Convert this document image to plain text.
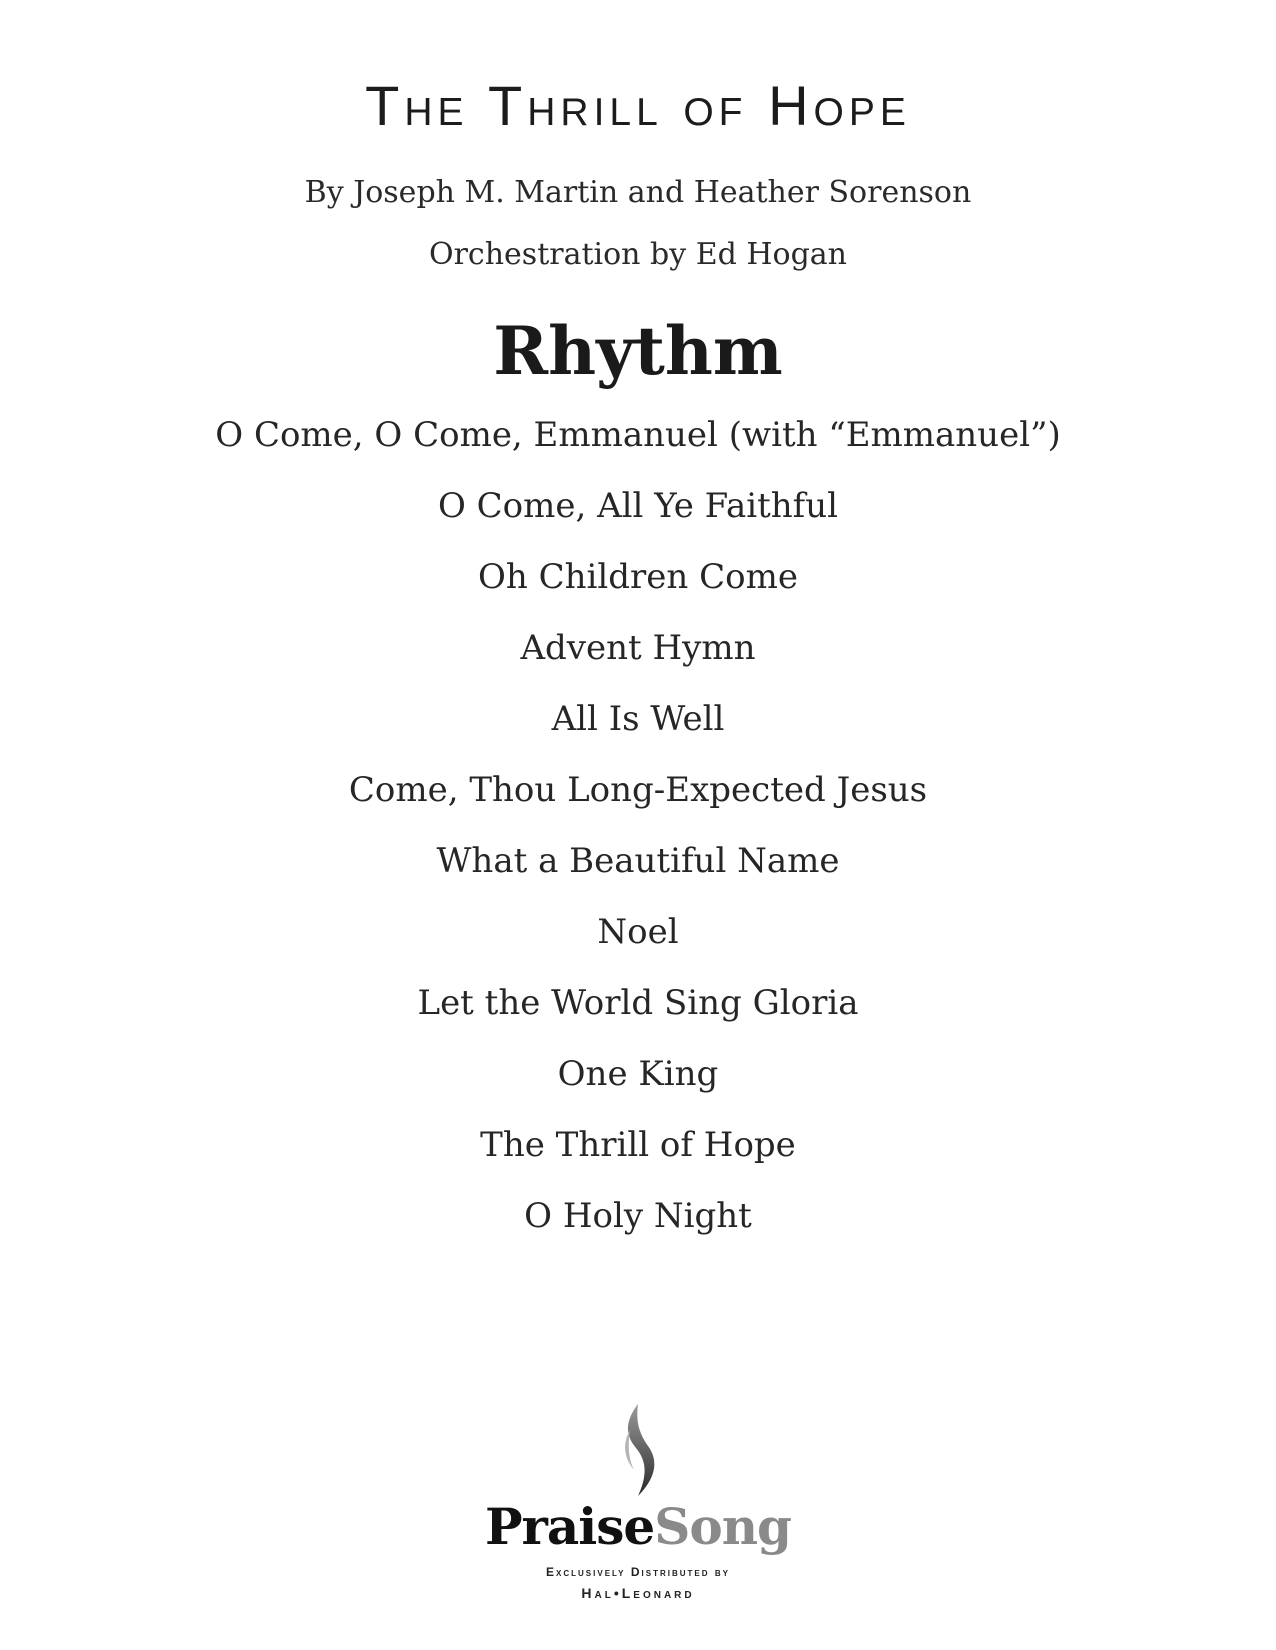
The Thrill of Hope

By Joseph M. Martin and Heather Sorenson

Orchestration by Ed Hogan

Rhythm
O Come, O Come, Emmanuel (with “Emmanuel”)
O Come, All Ye Faithful
Oh Children Come
Advent Hymn
All Is Well
Come, Thou Long-Expected Jesus
What a Beautiful Name
Noel
Let the World Sing Gloria
One King
The Thrill of Hope
O Holy Night
PraiseSong
Exclusively Distributed by
Hal•Leonard
